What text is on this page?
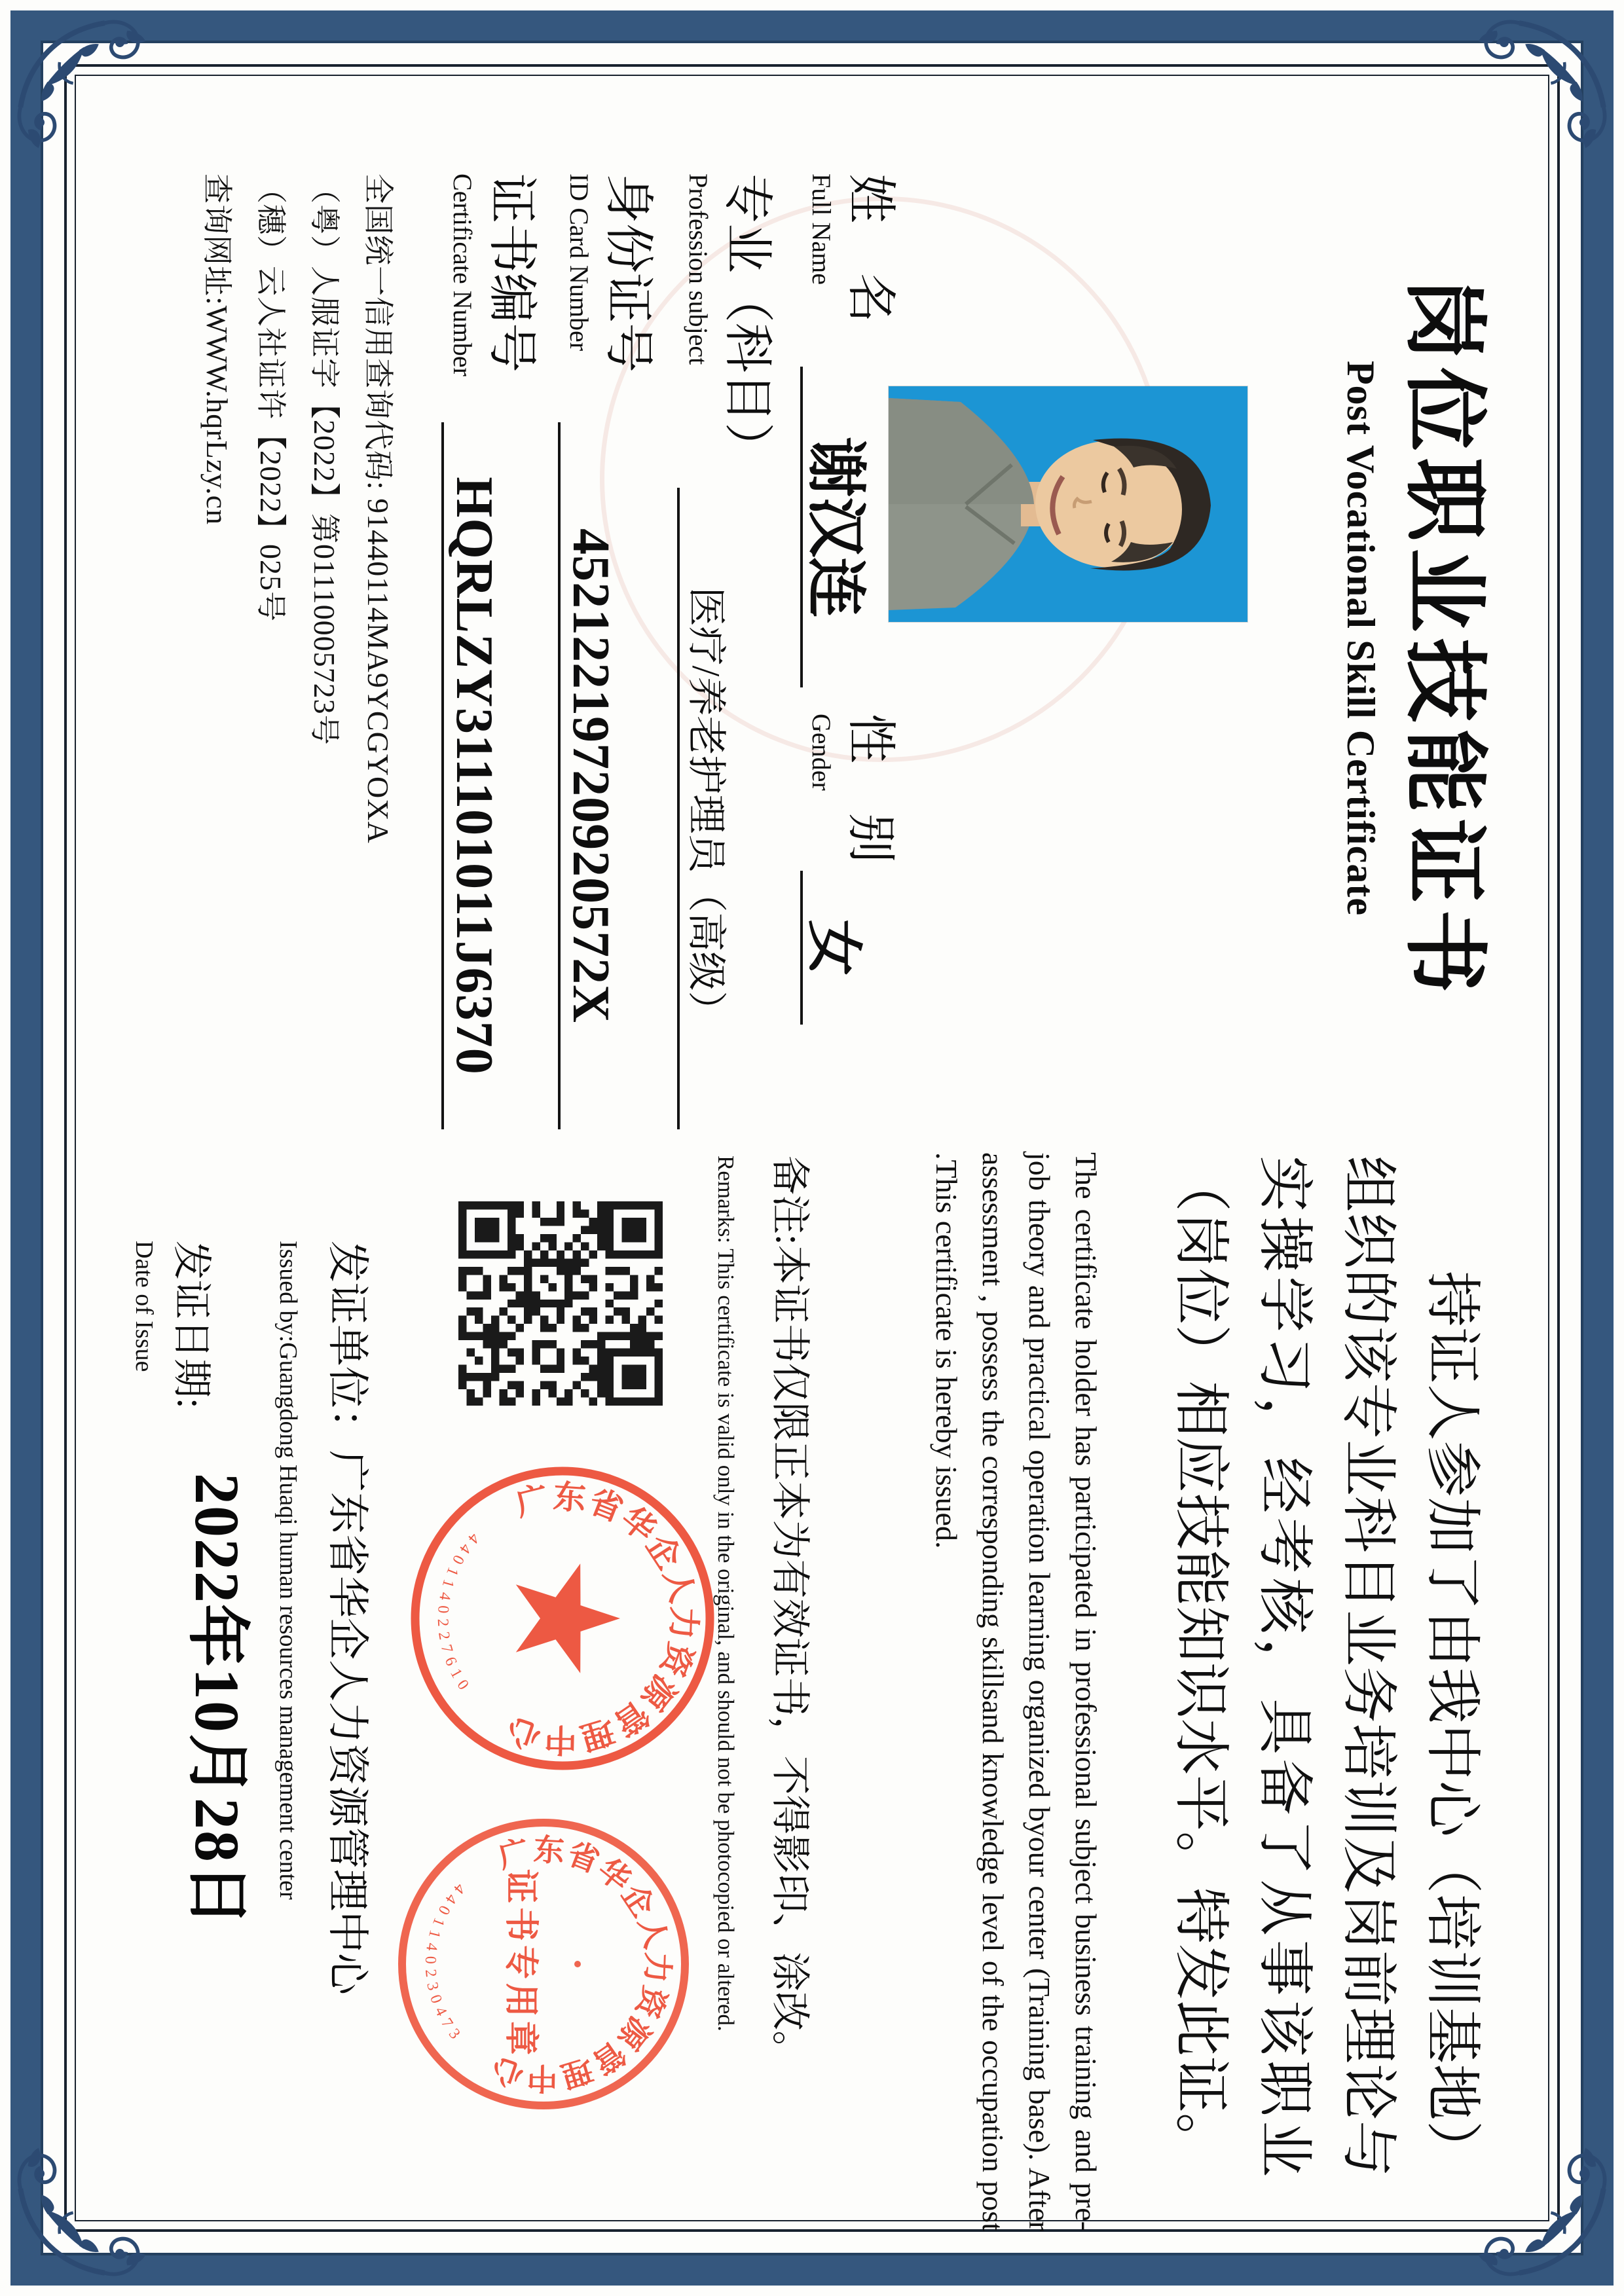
岗位职业技能证书
Post Vocational Skill Certificate
姓　名
Full Name
谢汉连
性　别
Gender
女
专业（科目）
Profession subject
医疗/养老护理员（高级）
身份证号
ID Card Number
45212219720920572X
证书编号
Certificate Number
HQRLZY311101011J6370
全国统一信用查询代码: 91440114MA9YCGYOXA
（粤）人服证字【2022】第01110005723号
（穗）云人社证许【2022】025号
查询网址:WWW.hqrLzy.cn
持证人参加了由我中心（培训基地）组织的该专业科目业务培训及岗前理论与实操学习，经考核，具备了从事该职业（岗位）相应技能知识水平。特发此证。
The certificate holder has participated in professional subject business training and pre-job theory and practical operation learning organized byour center (Training base). After assessment , possess the corresponding skillsand knowledge level of the occupation post .This certificate is hereby issued.
备注:本证书仅限正本为有效证书，不得影印、涂改。
Remarks: This certificate is valid only in the original, and should not be photocopied or altered.
发证单位：广东省华企人力资源管理中心
Issued by:Guangdong Huaqi human resources management center
发证日期:
Date of Issue
2022年10月28日	广东省华企人力资源管理中心
4401140227610
广东省华企人力资源管理中心
证书专用章
4401140230473
